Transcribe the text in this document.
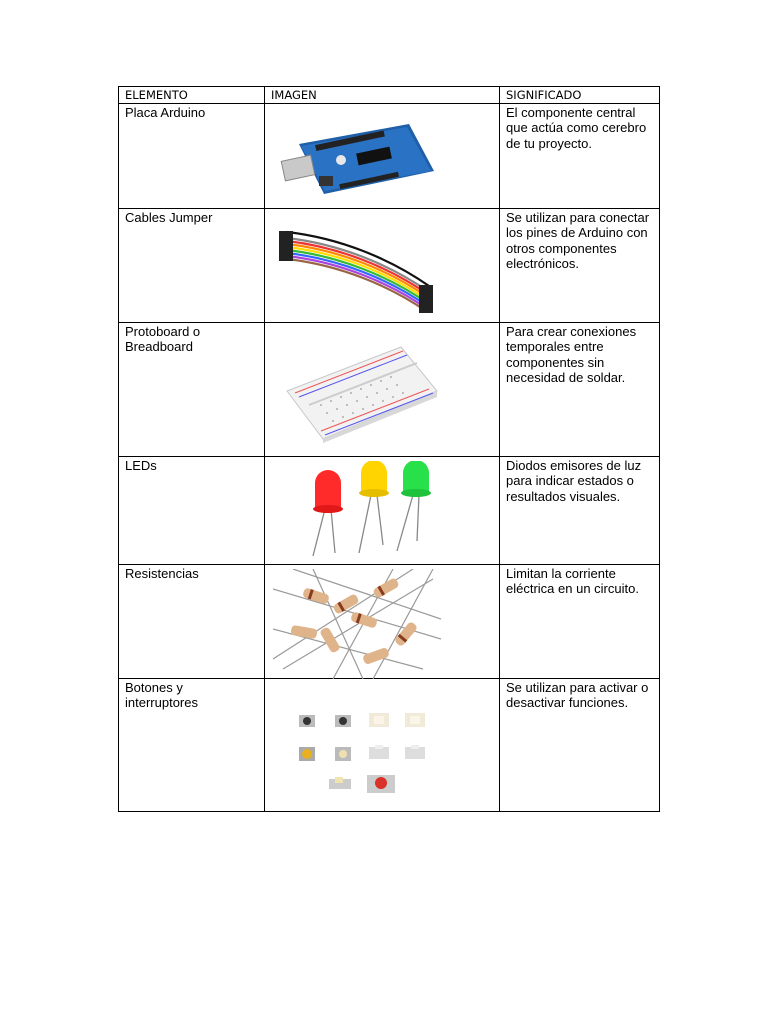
ELEMENTO	IMAGEN	SIGNIFICADO
Placa Arduino		El componente central que actúa como cerebro de tu proyecto.
Cables Jumper		Se utilizan para conectar los pines de Arduino con otros componentes electrónicos.
Protoboard o Breadboard		Para crear conexiones temporales entre componentes sin necesidad de soldar.
LEDs		Diodos emisores de luz para indicar estados o resultados visuales.
Resistencias		Limitan la corriente eléctrica en un circuito.
Botones y interruptores		Se utilizan para activar o desactivar funciones.
